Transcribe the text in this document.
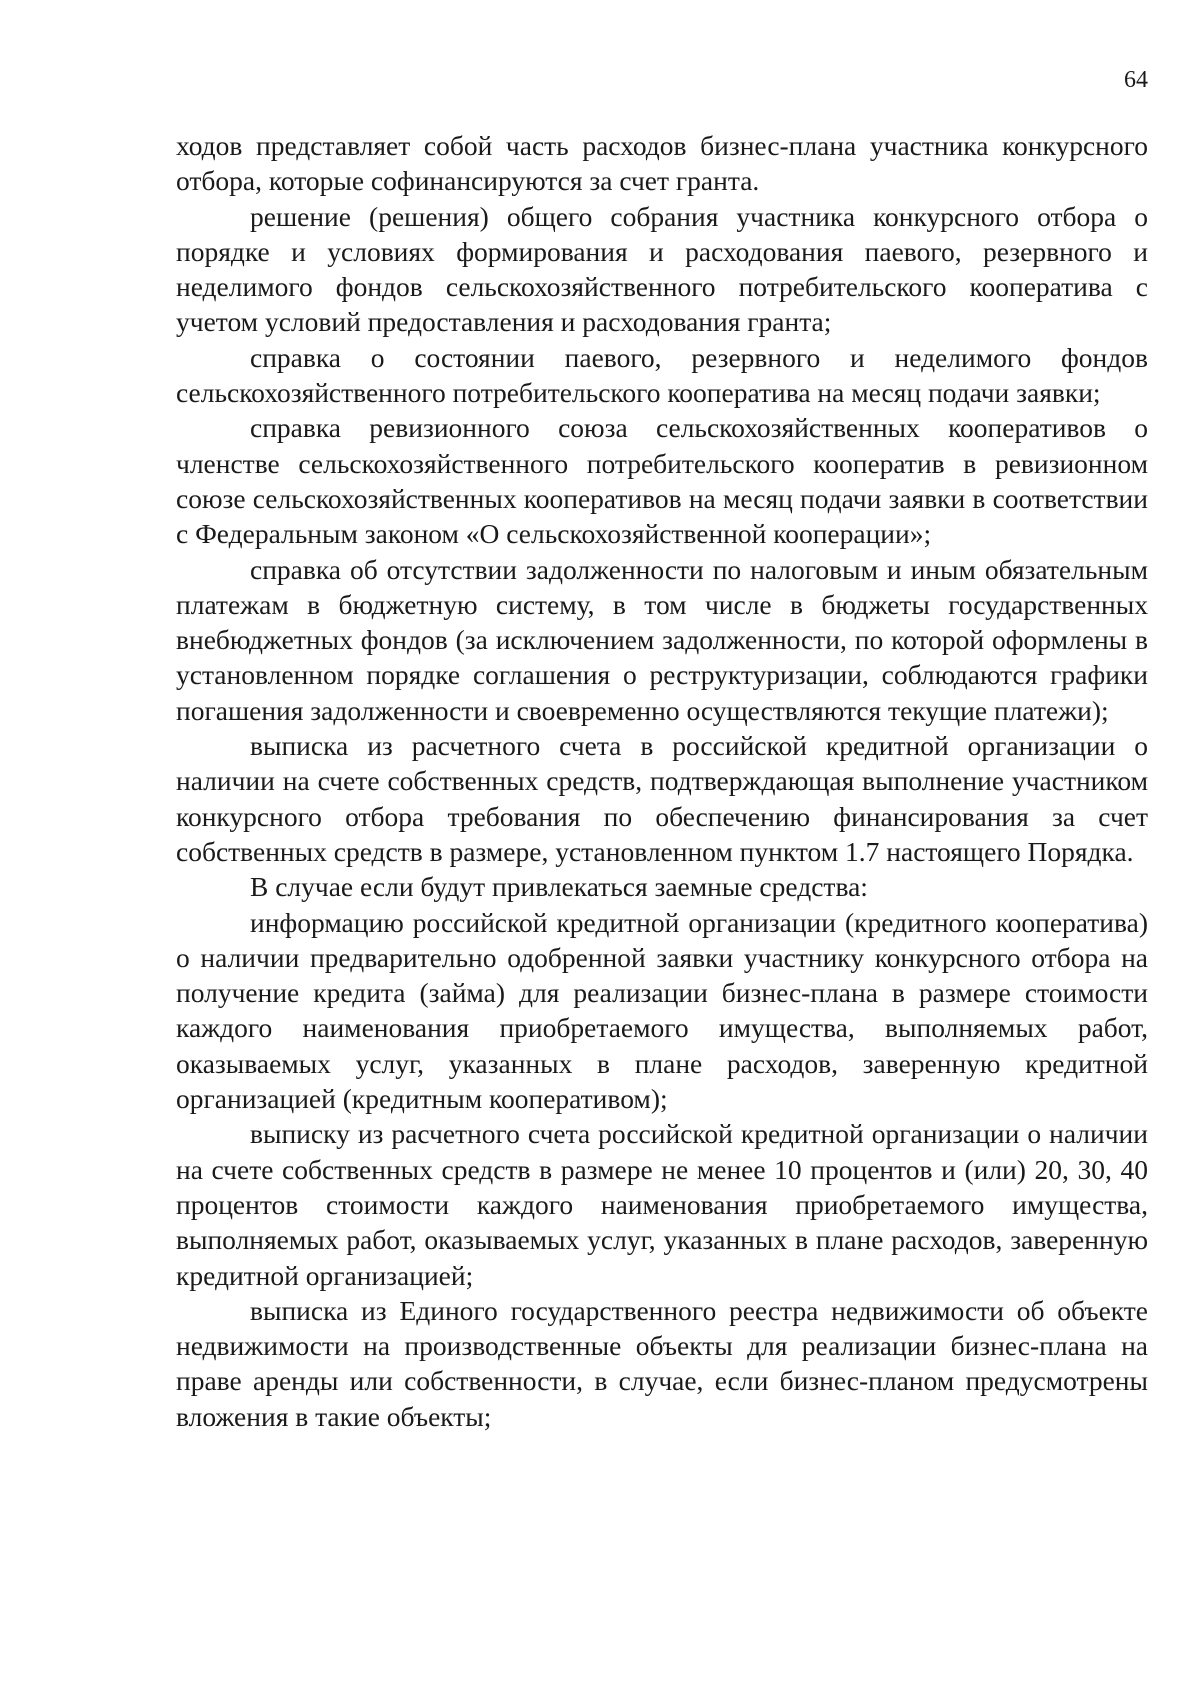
64

ходов представляет собой часть расходов бизнес-плана участника конкурсного отбора, которые софинансируются за счет гранта.

решение (решения) общего собрания участника конкурсного отбора о порядке и условиях формирования и расходования паевого, резервного и неделимого фондов сельскохозяйственного потребительского кооператива с учетом условий предоставления и расходования гранта;

справка о состоянии паевого, резервного и неделимого фондов сельскохозяйственного потребительского кооператива на месяц подачи заявки;

справка ревизионного союза сельскохозяйственных кооперативов о членстве сельскохозяйственного потребительского кооператив в ревизионном союзе сельскохозяйственных кооперативов на месяц подачи заявки в соответствии с Федеральным законом «О сельскохозяйственной кооперации»;

справка об отсутствии задолженности по налоговым и иным обязательным платежам в бюджетную систему, в том числе в бюджеты государственных внебюджетных фондов (за исключением задолженности, по которой оформлены в установленном порядке соглашения о реструктуризации, соблюдаются графики погашения задолженности и своевременно осуществляются текущие платежи);

выписка из расчетного счета в российской кредитной организации о наличии на счете собственных средств, подтверждающая выполнение участником конкурсного отбора требования по обеспечению финансирования за счет собственных средств в размере, установленном пунктом 1.7 настоящего Порядка.

В случае если будут привлекаться заемные средства:

информацию российской кредитной организации (кредитного кооператива) о наличии предварительно одобренной заявки участнику конкурсного отбора на получение кредита (займа) для реализации бизнес-плана в размере стоимости каждого наименования приобретаемого имущества, выполняемых работ, оказываемых услуг, указанных в плане расходов, заверенную кредитной организацией (кредитным кооперативом);

выписку из расчетного счета российской кредитной организации о наличии на счете собственных средств в размере не менее 10 процентов и (или) 20, 30, 40 процентов стоимости каждого наименования приобретаемого имущества, выполняемых работ, оказываемых услуг, указанных в плане расходов, заверенную кредитной организацией;

выписка из Единого государственного реестра недвижимости об объекте недвижимости на производственные объекты для реализации бизнес-плана на праве аренды или собственности, в случае, если бизнес-планом предусмотрены вложения в такие объекты;
